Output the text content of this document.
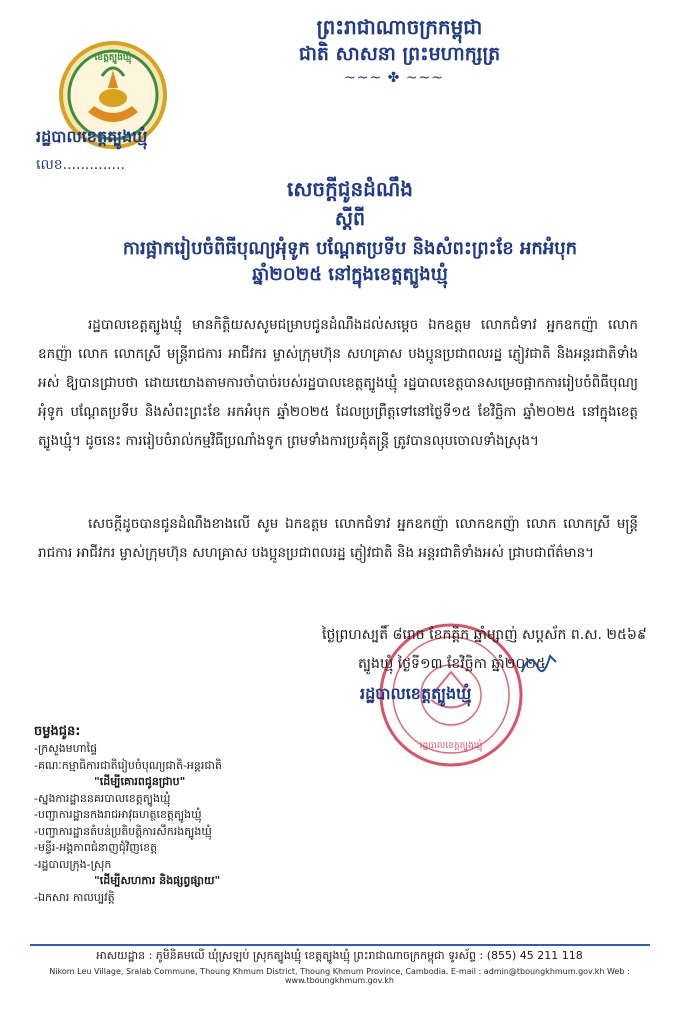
ព្រះរាជាណាចក្រកម្ពុជា
ជាតិ សាសនា ព្រះមហាក្សត្រ
~~~ ✤ ~~~
ខេត្តត្បូងឃ្មុំ
រដ្ឋបាលខេត្តត្បូងឃ្មុំ
លេខ..............
សេចក្តីជូនដំណឹង
ស្តីពី
ការផ្អាករៀបចំពិធីបុណ្យអុំទូក បណ្តែតប្រទីប និងសំពះព្រះខែ អកអំបុក
ឆ្នាំ២០២៥ នៅក្នុងខេត្តត្បូងឃ្មុំ
រដ្ឋបាលខេត្តត្បូងឃ្មុំ មានកិត្តិយសសូមជម្រាបជូនដំណឹងដល់សម្តេច ឯកឧត្តម លោកជំទាវ អ្នកឧកញ៉ា លោកឧកញ៉ា លោក លោកស្រី មន្ត្រីរាជការ អាជីវករ ម្ចាស់ក្រុមហ៊ុន សហគ្រាស បងប្អូនប្រជាពលរដ្ឋ ភ្ញៀវជាតិ និងអន្តរជាតិទាំងអស់ ឱ្យបានជ្រាបថា ដោយយោងតាមការចាំបាច់របស់រដ្ឋបាលខេត្តត្បូងឃ្មុំ រដ្ឋបាលខេត្តបានសម្រេចផ្អាកការរៀបចំពិធីបុណ្យអុំទូក បណ្តែតប្រទីប និងសំពះព្រះខែ អកអំបុក ឆ្នាំ២០២៥ ដែលប្រព្រឹត្តទៅនៅថ្ងៃទី១៥ ខែវិច្ឆិកា ឆ្នាំ២០២៥ នៅក្នុងខេត្តត្បូងឃ្មុំ។ ដូចនេះ ការរៀបចំរាល់កម្មវិធីប្រណាំងទូក ព្រមទាំងការប្រគុំតន្ត្រី ត្រូវបានលុបចោលទាំងស្រុង។
សេចក្តីដូចបានជូនដំណឹងខាងលើ សូម ឯកឧត្តម លោកជំទាវ អ្នកឧកញ៉ា លោកឧកញ៉ា លោក លោកស្រី មន្ត្រីរាជការ អាជីវករ ម្ចាស់ក្រុមហ៊ុន សហគ្រាស បងប្អូនប្រជាពលរដ្ឋ ភ្ញៀវជាតិ និង អន្តរជាតិទាំងអស់ ជ្រាបជាព័ត៌មាន។
រដ្ឋបាលខេត្តត្បូងឃ្មុំ
ថ្ងៃព្រហស្បតិ៍ ៨រោច ខែកត្តិក ឆ្នាំម្សាញ់ សប្តស័ក ព.ស. ២៥៦៩
ត្បូងឃ្មុំ ថ្ងៃទី១៣ ខែវិច្ឆិកា ឆ្នាំ២០២៥
រដ្ឋបាលខេត្តត្បូងឃ្មុំ
ចម្លងជូន:
-ក្រសួងមហាផ្ទៃ
-គណៈកម្មាធិការជាតិរៀបចំបុណ្យជាតិ-អន្តរជាតិ
"ដើម្បីគោរពជូនជ្រាប"
-ស្នងការដ្ឋាននគរបាលខេត្តត្បូងឃ្មុំ
-បញ្ជាការដ្ឋានកងរាជអាវុធហត្ថខេត្តត្បូងឃ្មុំ
-បញ្ជាការដ្ឋានតំបន់ប្រតិបត្តិការសឹករងត្បូងឃ្មុំ
-មន្ទីរ-អង្គភាពជំនាញជុំវិញខេត្ត
-រដ្ឋបាលក្រុង-ស្រុក
"ដើម្បីសហការ និងផ្សព្វផ្សាយ"
-ឯកសារ កាលប្បវត្តិ
អាសយដ្ឋាន : ភូមិនិគមលើ ឃុំស្រឡប់ ស្រុកត្បូងឃ្មុំ ខេត្តត្បូងឃ្មុំ ព្រះរាជាណាចក្រកម្ពុជា ទូរស័ព្ទ : (855) 45 211 118
Nikom Leu Village, Sralab Commune, Thoung Khmum District, Thoung Khmum Province, Cambodia. E-mail : admin@tboungkhmum.gov.kh Web : www.tboungkhmum.gov.kh
